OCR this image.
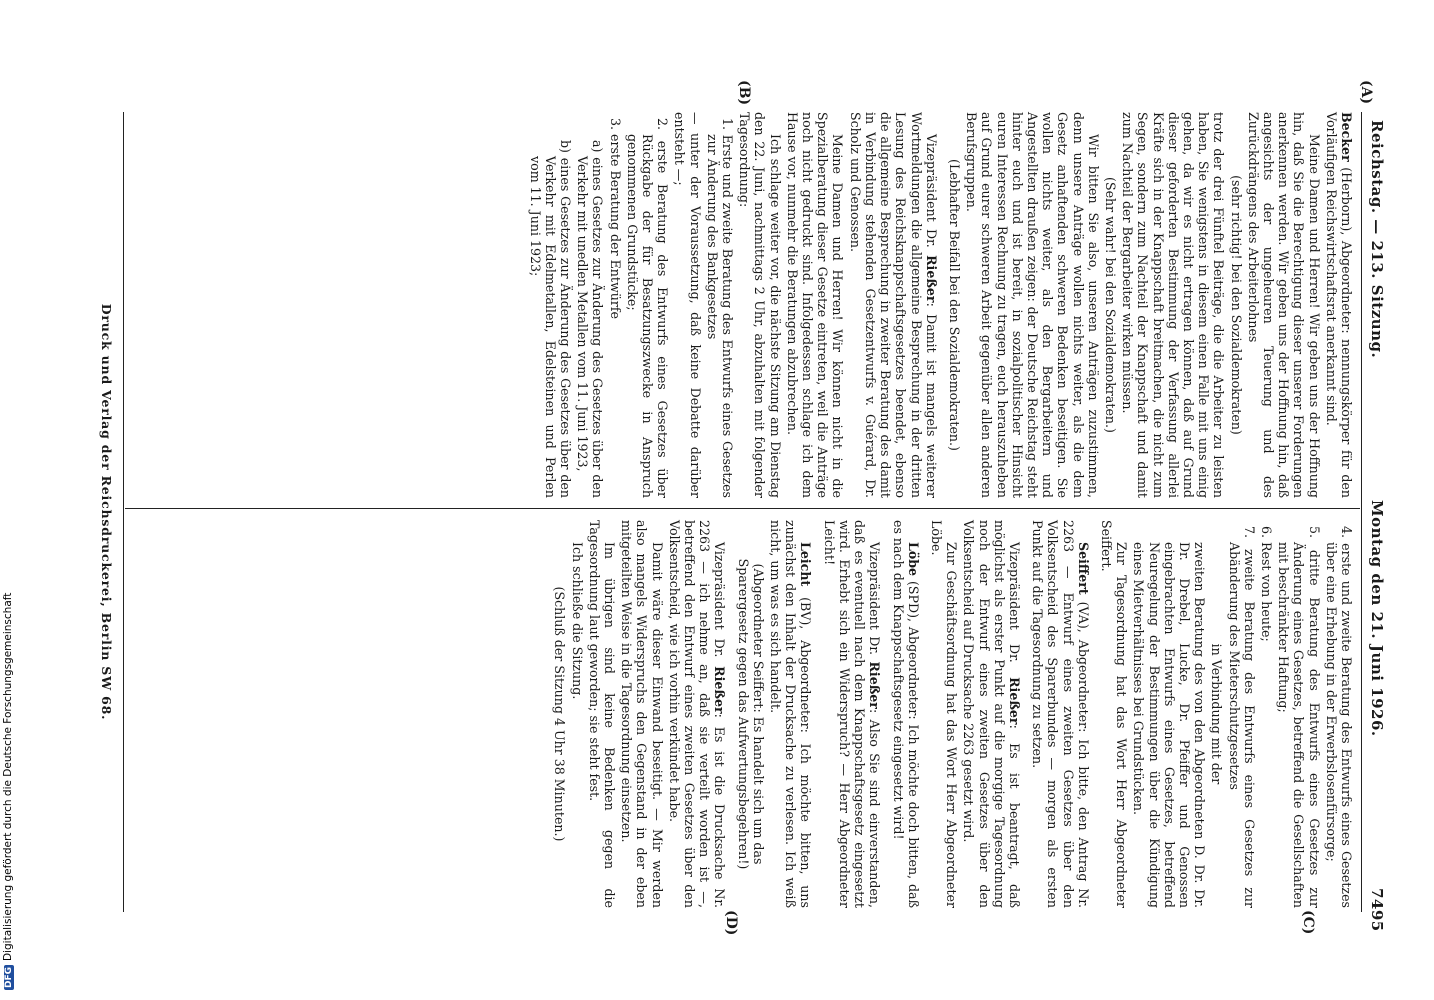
Reichstag. — 213. Sitzung.
Montag den 21. Juni 1926.
7495
(A)
(B)
(C)
(D)

Becker (Herborn), Abgeordneter: nennungskörper für den Vorläufigen Reichswirtschaftsrat anerkannt sind.

Meine Damen und Herren! Wir geben uns der Hoffnung hin, daß Sie die Berechtigung dieser unserer Forderungen anerkennen werden. Wir geben uns der Hoffnung hin, daß angesichts der ungeheuren Teuerung und des Zurückdrängens des Arbeiterlohnes

(sehr richtig! bei den Sozialdemokraten)

trotz der drei Fünftel Beiträge, die die Arbeiter zu leisten haben, Sie wenigstens in diesem einen Falle mit uns einig gehen, da wir es nicht ertragen können, daß auf Grund dieser geforderten Bestimmung der Verfassung allerlei Kräfte sich in der Knappschaft breitmachen, die nicht zum Segen, sondern zum Nachteil der Knappschaft und damit zum Nachteil der Bergarbeiter wirken müssen.

(Sehr wahr! bei den Sozialdemokraten.)

Wir bitten Sie also, unseren Anträgen zuzustimmen, denn unsere Anträge wollen nichts weiter, als die dem Gesetz anhaftenden schweren Bedenken beseitigen. Sie wollen nichts weiter, als den Bergarbeitern und Angestellten draußen zeigen: der Deutsche Reichstag steht hinter euch und ist bereit, in sozialpolitischer Hinsicht euren Interessen Rechnung zu tragen, euch herauszuheben auf Grund eurer schweren Arbeit gegenüber allen anderen Berufsgruppen.

(Lebhafter Beifall bei den Sozialdemokraten.)

Vizepräsident Dr. Rießer: Damit ist mangels weiterer Wortmeldungen die allgemeine Besprechung in der dritten Lesung des Reichsknappschaftsgesetzes beendet, ebenso die allgemeine Besprechung in zweiter Beratung des damit in Verbindung stehenden Gesetzentwurfs v. Guérard, Dr. Scholz und Genossen.

Meine Damen und Herren! Wir können nicht in die Spezialberatung dieser Gesetze eintreten, weil die Anträge noch nicht gedruckt sind. Infolgedessen schlage ich dem Hause vor, nunmehr die Beratungen abzubrechen.

Ich schlage weiter vor, die nächste Sitzung am Dienstag den 22. Juni, nachmittags 2 Uhr, abzuhalten mit folgender Tagesordnung:

1. Erste und zweite Beratung des Entwurfs eines Gesetzes zur Änderung des Bankgesetzes

— unter der Voraussetzung, daß keine Debatte darüber entsteht —;

2. erste Beratung des Entwurfs eines Gesetzes über Rückgabe der für Besatzungszwecke in Anspruch genommenen Grundstücke;

3. erste Beratung der Entwürfe

a) eines Gesetzes zur Änderung des Gesetzes über den Verkehr mit unedlen Metallen vom 11. Juni 1923,

b) eines Gesetzes zur Änderung des Gesetzes über den Verkehr mit Edelmetallen, Edelsteinen und Perlen vom 11. Juni 1923;

4. erste und zweite Beratung des Entwurfs eines Gesetzes über eine Erhebung in der Erwerbslosenfürsorge;

5. dritte Beratung des Entwurfs eines Gesetzes zur Änderung eines Gesetzes, betreffend die Gesellschaften mit beschränkter Haftung;

6. Rest von heute;

7. zweite Beratung des Entwurfs eines Gesetzes zur Abänderung des Mieterschutzgesetzes

in Verbindung mit der

zweiten Beratung des von den Abgeordneten D. Dr. Dr. Dr. Drebel, Lucke, Dr. Pfeiffer und Genossen eingebrachten Entwurfs eines Gesetzes, betreffend Neuregelung der Bestimmungen über die Kündigung eines Mietverhältnisses bei Grundstücken.

Zur Tagesordnung hat das Wort Herr Abgeordneter Seiffert.

Seiffert (VA), Abgeordneter: Ich bitte, den Antrag Nr. 2263 — Entwurf eines zweiten Gesetzes über den Volksentscheid des Sparerbundes — morgen als ersten Punkt auf die Tagesordnung zu setzen.

Vizepräsident Dr. Rießer: Es ist beantragt, daß möglichst als erster Punkt auf die morgige Tagesordnung noch der Entwurf eines zweiten Gesetzes über den Volksentscheid auf Drucksache 2263 gesetzt wird.

Zur Geschäftsordnung hat das Wort Herr Abgeordneter Löbe.

Löbe (SPD), Abgeordneter: Ich möchte doch bitten, daß es nach dem Knappschaftsgesetz eingesetzt wird!

Vizepräsident Dr. Rießer: Also Sie sind einverstanden, daß es eventuell nach dem Knappschaftsgesetz eingesetzt wird. Erhebt sich ein Widerspruch? — Herr Abgeordneter Leicht!

Leicht (BV), Abgeordneter: Ich möchte bitten, uns zunächst den Inhalt der Drucksache zu verlesen. Ich weiß nicht, um was es sich handelt.

(Abgeordneter Seiffert: Es handelt sich um das Sparergesetz gegen das Aufwertungsbegehren!)

Vizepräsident Dr. Rießer: Es ist die Drucksache Nr. 2263 — ich nehme an, daß sie verteilt worden ist —, betreffend den Entwurf eines zweiten Gesetzes über den Volksentscheid, wie ich vorhin verkündet habe.

Damit wäre dieser Einwand beseitigt. — Mir werden also mangels Widerspruchs den Gegenstand in der eben mitgeteilten Weise in die Tagesordnung einsetzen.

Im übrigen sind keine Bedenken gegen die Tagesordnung laut geworden; sie steht fest.

Ich schließe die Sitzung.

(Schluß der Sitzung 4 Uhr 38 Minuten.)

Druck und Verlag der Reichsdruckerei, Berlin SW 68.
DFGDigitalisierung gefördert durch die Deutsche Forschungsgemeinschaft
